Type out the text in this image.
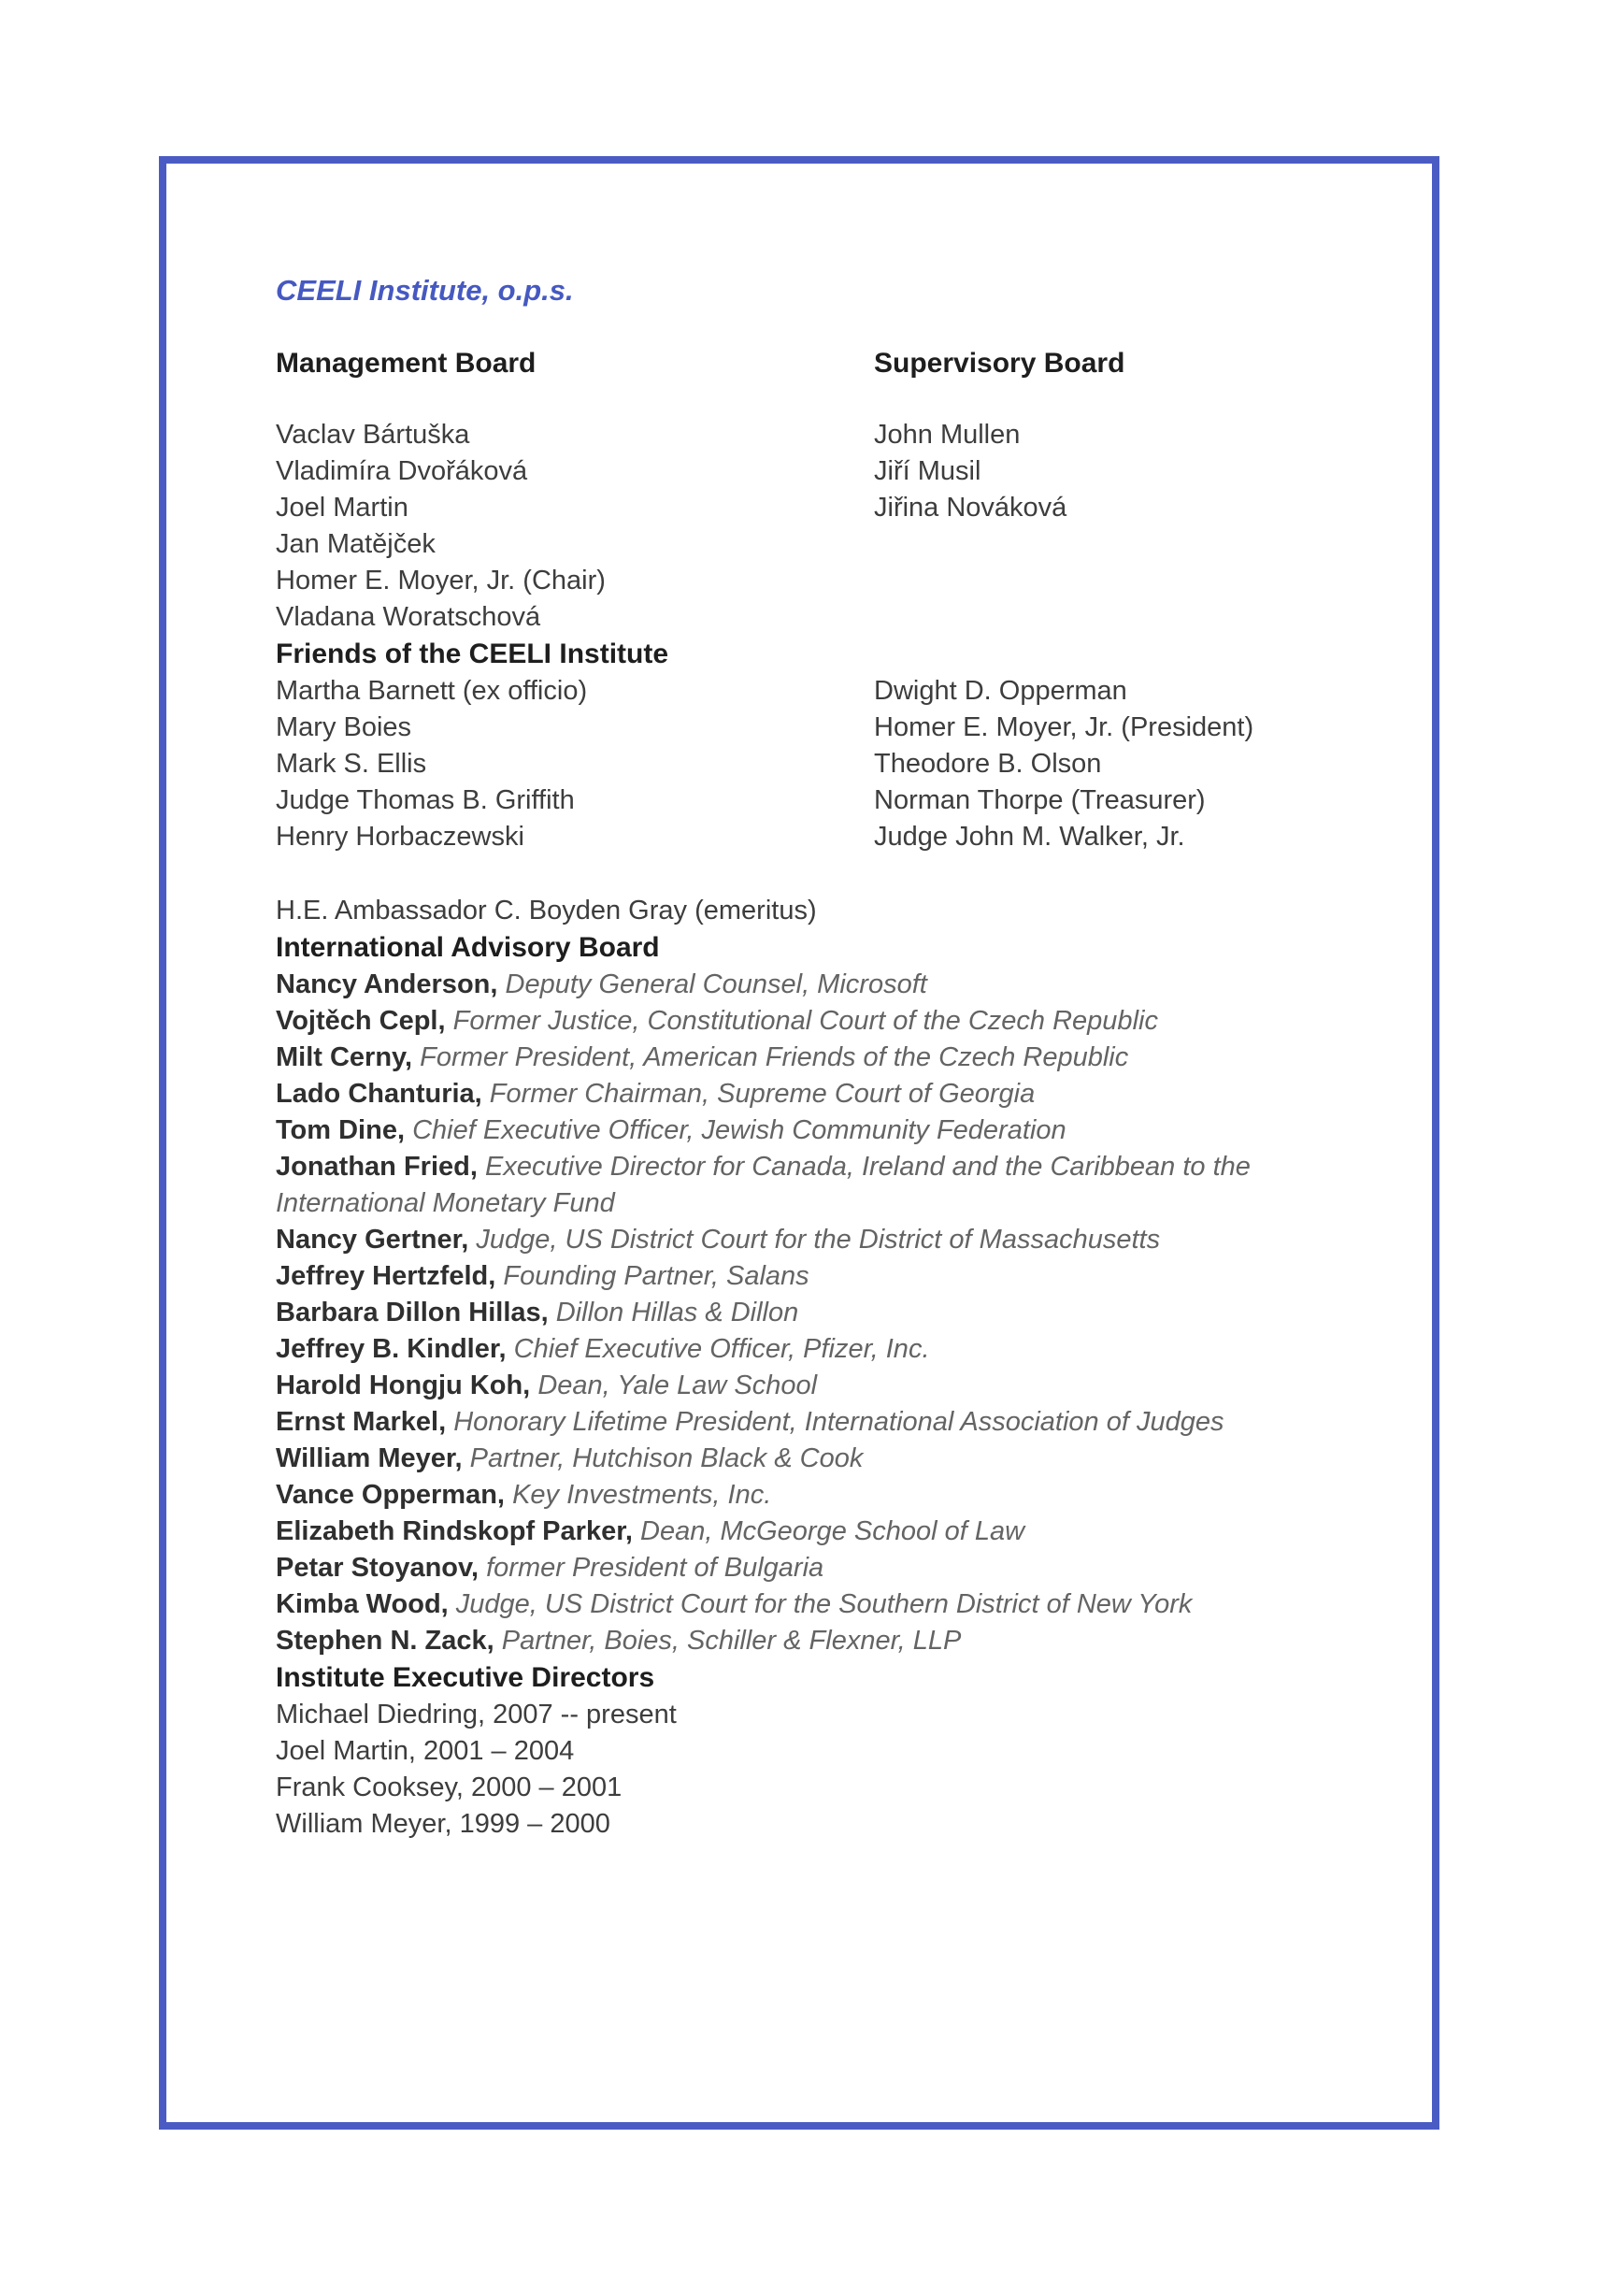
CEELI Institute, o.p.s.
Management Board	Supervisory Board
Vaclav Bártuška
Vladimíra Dvořáková
Joel Martin
Jan Matějček
Homer E. Moyer, Jr. (Chair)
Vladana Woratschová
John Mullen
Jiří Musil
Jiřina Nováková
Friends of the CEELI Institute
Martha Barnett (ex officio)
Mary Boies
Mark S. Ellis
Judge Thomas B. Griffith
Henry Horbaczewski
Dwight D. Opperman
Homer E. Moyer, Jr. (President)
Theodore B. Olson
Norman Thorpe (Treasurer)
Judge John M. Walker, Jr.

H.E. Ambassador C. Boyden Gray (emeritus)

International Advisory Board
Nancy Anderson, Deputy General Counsel, Microsoft
Vojtěch Cepl, Former Justice, Constitutional Court of the Czech Republic
Milt Cerny, Former President, American Friends of the Czech Republic
Lado Chanturia, Former Chairman, Supreme Court of Georgia
Tom Dine, Chief Executive Officer, Jewish Community Federation
Jonathan Fried, Executive Director for Canada, Ireland and the Caribbean to the International Monetary Fund
Nancy Gertner, Judge, US District Court for the District of Massachusetts
Jeffrey Hertzfeld, Founding Partner, Salans
Barbara Dillon Hillas, Dillon Hillas & Dillon
Jeffrey B. Kindler, Chief Executive Officer, Pfizer, Inc.
Harold Hongju Koh, Dean, Yale Law School
Ernst Markel, Honorary Lifetime President, International Association of Judges
William Meyer, Partner, Hutchison Black & Cook
Vance Opperman, Key Investments, Inc.
Elizabeth Rindskopf Parker, Dean, McGeorge School of Law
Petar Stoyanov, former President of Bulgaria
Kimba Wood, Judge, US District Court for the Southern District of New York
Stephen N. Zack, Partner, Boies, Schiller & Flexner, LLP
Institute Executive Directors
Michael Diedring, 2007 -- present
Joel Martin, 2001 – 2004
Frank Cooksey, 2000 – 2001
William Meyer, 1999 – 2000
